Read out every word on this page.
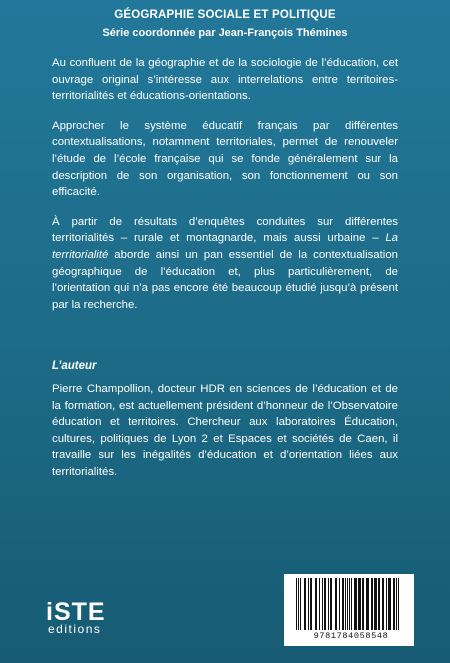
GÉOGRAPHIE SOCIALE ET POLITIQUE
Série coordonnée par Jean-François Thémines

Au confluent de la géographie et de la sociologie de l’éducation, cet ouvrage original s’intéresse aux interrelations entre territoires-territorialités et éducations-orientations.

Approcher le système éducatif français par différentes contextualisations, notamment territoriales, permet de renouveler l’étude de l’école française qui se fonde généralement sur la description de son organisation, son fonctionnement ou son efficacité.

À partir de résultats d’enquêtes conduites sur différentes territorialités – rurale et montagnarde, mais aussi urbaine – La territorialité aborde ainsi un pan essentiel de la contextualisation géographique de l’éducation et, plus particulièrement, de l’orientation qui n’a pas encore été beaucoup étudié jusqu’à présent par la recherche.

L’auteur
Pierre Champollion, docteur HDR en sciences de l’éducation et de la formation, est actuellement président d’honneur de l’Observatoire éducation et territoires. Chercheur aux laboratoires Éducation, cultures, politiques de Lyon 2 et Espaces et sociétés de Caen, il travaille sur les inégalités d’éducation et d’orientation liées aux territorialités.
iSTE
editions	9781784058548
